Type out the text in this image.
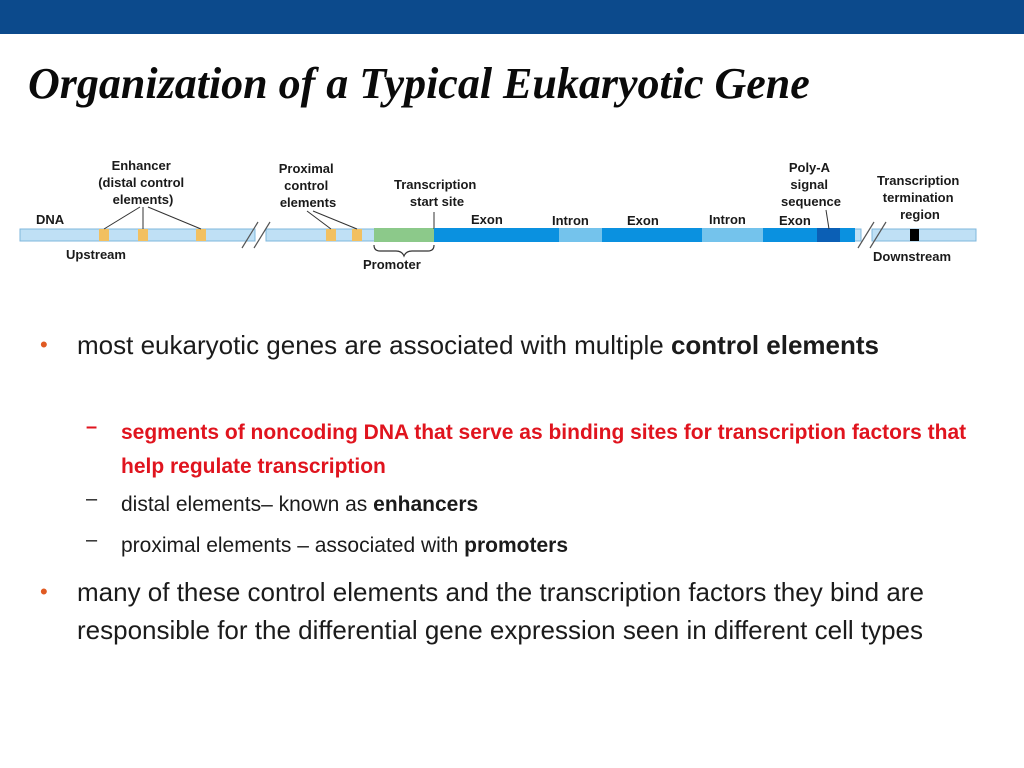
Organization of a Typical Eukaryotic Gene
DNA
Upstream	Downstream
Promoter
Enhancer (distal control elements)
Proximal control elements
Transcription start site
Exon	Intron	Exon	Intron	Exon
Poly-A signal sequence
Transcription termination region
• most eukaryotic genes are associated with multiple control elements
– segments of noncoding DNA that serve as binding sites for transcription factors that help regulate transcription
– distal elements– known as enhancers
– proximal elements – associated with promoters
• many of these control elements and the transcription factors they bind are responsible for the differential gene expression seen in different cell types
